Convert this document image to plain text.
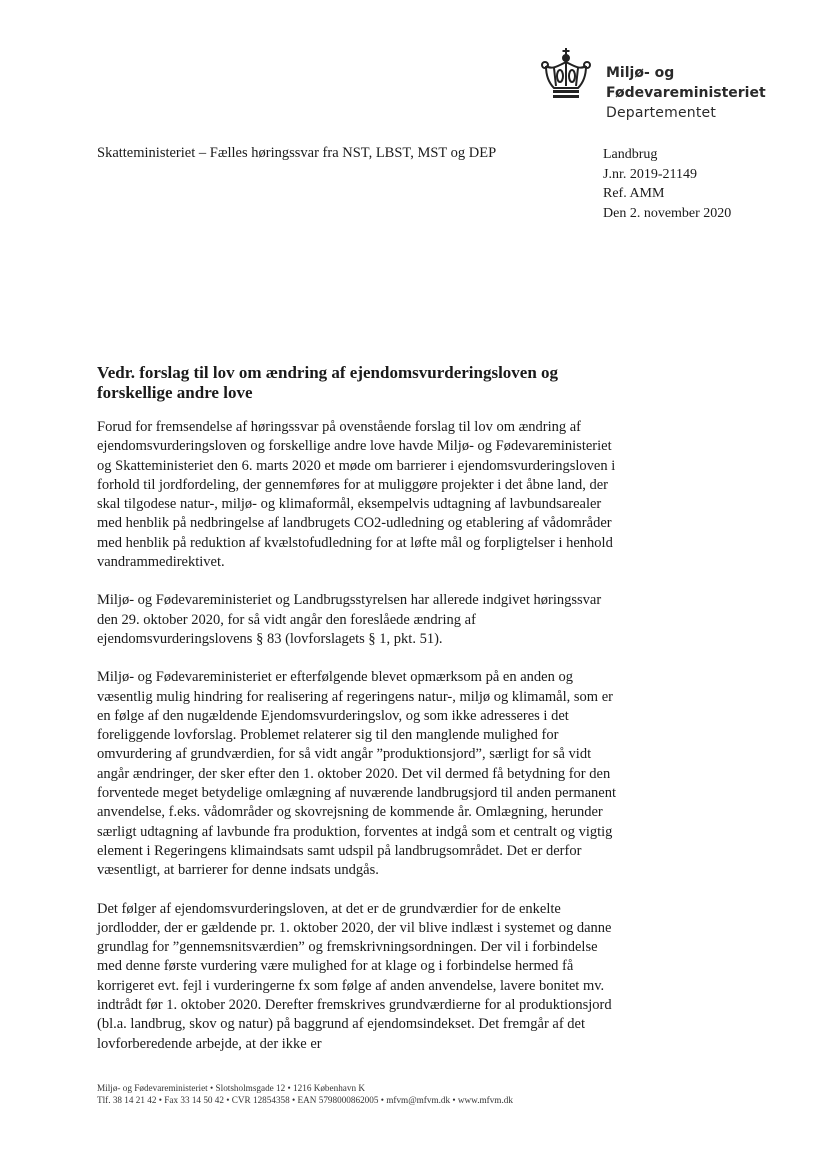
Miljø- og
Fødevareministeriet
Departementet
Skatteministeriet – Fælles høringssvar fra NST, LBST, MST og DEP	Landbrug
J.nr. 2019-21149
Ref. AMM
Den 2. november 2020
Vedr. forslag til lov om ændring af ejendomsvurderingsloven og forskellige andre love

Forud for fremsendelse af høringssvar på ovenstående forslag til lov om ændring af ejendomsvurderingsloven og forskellige andre love havde Miljø- og Fødevareministeriet og Skatteministeriet den 6. marts 2020 et møde om barrierer i ejendomsvurderingsloven i forhold til jordfordeling, der gennemføres for at muliggøre projekter i det åbne land, der skal tilgodese natur-, miljø- og klimaformål, eksempelvis udtagning af lavbundsarealer med henblik på nedbringelse af landbrugets CO2-udledning og etablering af vådområder med henblik på reduktion af kvælstofudledning for at løfte mål og forpligtelser i henhold vandrammedirektivet.

Miljø- og Fødevareministeriet og Landbrugsstyrelsen har allerede indgivet høringssvar den 29. oktober 2020, for så vidt angår den foreslåede ændring af ejendomsvurderingslovens § 83 (lovforslagets § 1, pkt. 51).

Miljø- og Fødevareministeriet er efterfølgende blevet opmærksom på en anden og væsentlig mulig hindring for realisering af regeringens natur-, miljø og klimamål, som er en følge af den nugældende Ejendomsvurderingslov, og som ikke adresseres i det foreliggende lovforslag. Problemet relaterer sig til den manglende mulighed for omvurdering af grundværdien, for så vidt angår ”produktionsjord”, særligt for så vidt angår ændringer, der sker efter den 1. oktober 2020. Det vil dermed få betydning for den forventede meget betydelige omlægning af nuværende landbrugsjord til anden permanent anvendelse, f.eks. vådområder og skovrejsning de kommende år. Omlægning, herunder særligt udtagning af lavbunde fra produktion, forventes at indgå som et centralt og vigtig element i Regeringens klimaindsats samt udspil på landbrugsområdet. Det er derfor væsentligt, at barrierer for denne indsats undgås.

Det følger af ejendomsvurderingsloven, at det er de grundværdier for de enkelte jordlodder, der er gældende pr. 1. oktober 2020, der vil blive indlæst i systemet og danne grundlag for ”gennemsnitsværdien” og fremskrivningsordningen. Der vil i forbindelse med denne første vurdering være mulighed for at klage og i forbindelse hermed få korrigeret evt. fejl i vurderingerne fx som følge af anden anvendelse, lavere bonitet mv. indtrådt før 1. oktober 2020. Derefter fremskrives grundværdierne for al produktionsjord (bl.a. landbrug, skov og natur) på baggrund af ejendomsindekset. Det fremgår af det lovforberedende arbejde, at der ikke er

Miljø- og Fødevareministeriet • Slotsholmsgade 12 • 1216 København K
Tlf. 38 14 21 42 • Fax 33 14 50 42 • CVR 12854358 • EAN 5798000862005 • mfvm@mfvm.dk • www.mfvm.dk
